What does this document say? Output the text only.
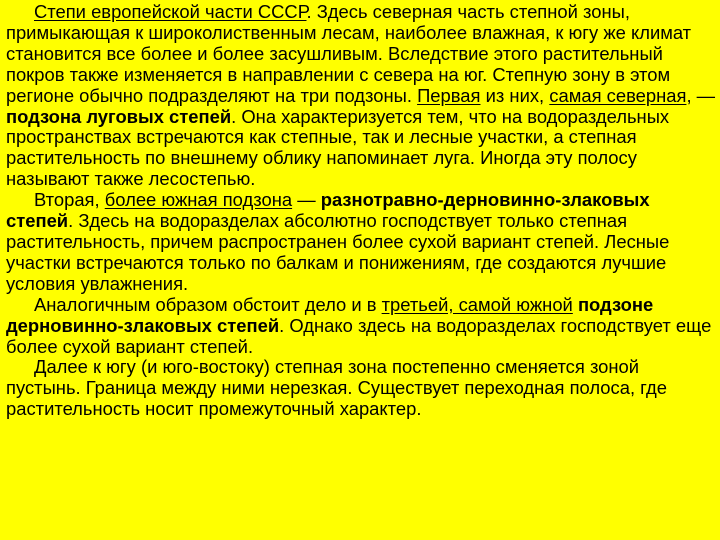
Степи европейской части СССР. Здесь северная часть степной зоны, примыкающая к широколиственным лесам, наиболее влажная, к югу же климат становится все более и более засушливым. Вследствие этого растительный покров также изменяется в направлении с севера на юг. Степную зону в этом регионе обычно подразделяют на три подзоны. Первая из них, самая северная, — подзона луговых степей. Она характеризуется тем, что на водораздельных пространствах встречаются как степные, так и лесные участки, а степная растительность по внешнему облику напоминает луга. Иногда эту полосу называют также лесостепью.

Вторая, более южная подзона — разнотравно-дерновинно-злаковых степей. Здесь на водоразделах абсолютно господствует только степная растительность, причем распространен более сухой вариант степей. Лесные участки встречаются только по балкам и понижениям, где создаются лучшие условия увлажнения.

Аналогичным образом обстоит дело и в третьей, самой южной подзоне дерновинно-злаковых степей. Однако здесь на водоразделах господствует еще более сухой вариант степей.

Далее к югу (и юго-востоку) степная зона постепенно сменяется зоной пустынь. Граница между ними нерезкая. Существует переходная полоса, где растительность носит промежуточный характер.
